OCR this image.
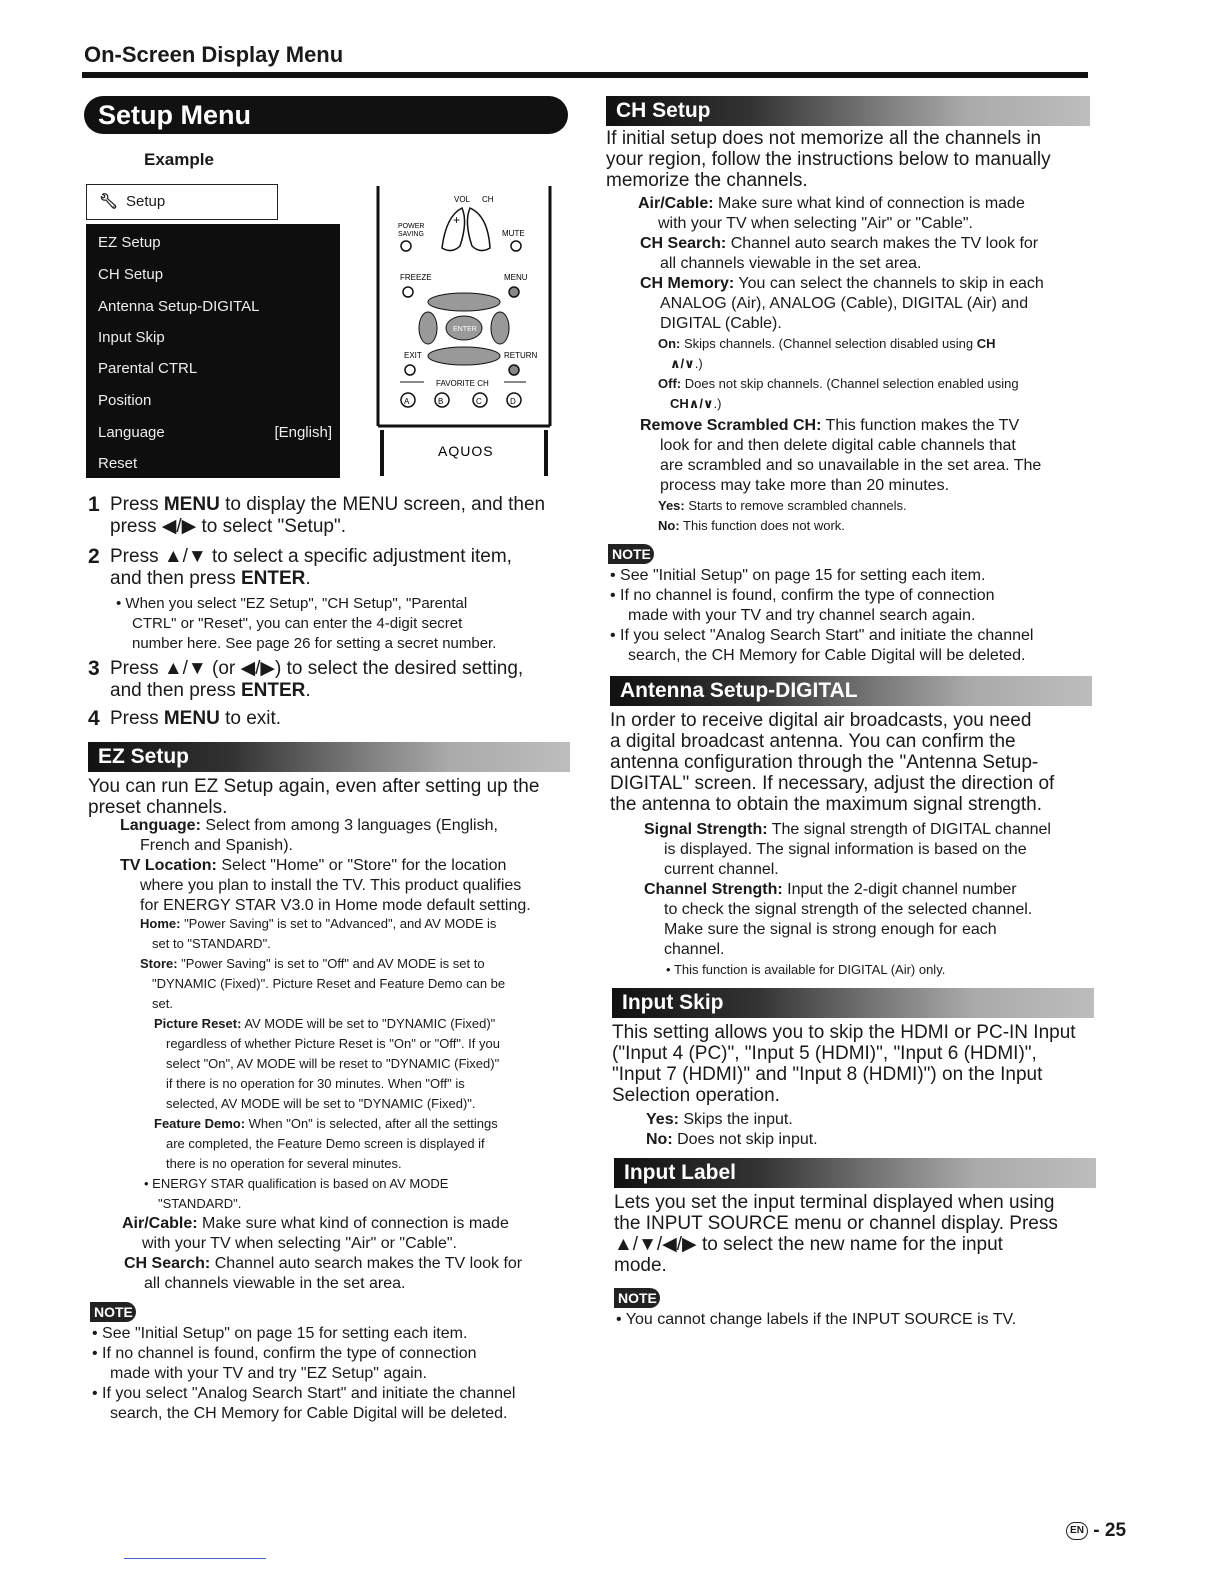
On-Screen Display Menu
Setup Menu
Example
🔧︎ Setup
EZ Setup
CH Setup
Antenna Setup-DIGITAL
Input Skip
Parental CTRL
Position
Language	[English]
Reset
VOL CH
POWER
SAVING
+
MUTE
FREEZE	MENU
ENTER
EXIT	RETURN
FAVORITE CH
A	B	C	D
AQUOS
1 Press MENU to display the MENU screen, and then
press ◀/▶ to select "Setup".
2 Press ▲/▼ to select a specific adjustment item,
and then press ENTER.
• When you select "EZ Setup", "CH Setup", "Parental
CTRL" or "Reset", you can enter the 4-digit secret
number here. See page 26 for setting a secret number.
3 Press ▲/▼ (or ◀/▶) to select the desired setting,
and then press ENTER.
4 Press MENU to exit.
EZ Setup
You can run EZ Setup again, even after setting up the
preset channels.
Language: Select from among 3 languages (English,
French and Spanish).
TV Location: Select "Home" or "Store" for the location
where you plan to install the TV. This product qualifies
for ENERGY STAR V3.0 in Home mode default setting.
Home: "Power Saving" is set to "Advanced", and AV MODE is
set to "STANDARD".
Store: "Power Saving" is set to "Off" and AV MODE is set to
"DYNAMIC (Fixed)". Picture Reset and Feature Demo can be
set.
Picture Reset: AV MODE will be set to "DYNAMIC (Fixed)"
regardless of whether Picture Reset is "On" or "Off". If you
select "On", AV MODE will be reset to "DYNAMIC (Fixed)"
if there is no operation for 30 minutes. When "Off" is
selected, AV MODE will be set to "DYNAMIC (Fixed)".
Feature Demo: When "On" is selected, after all the settings
are completed, the Feature Demo screen is displayed if
there is no operation for several minutes.
• ENERGY STAR qualification is based on AV MODE
"STANDARD".
Air/Cable: Make sure what kind of connection is made
with your TV when selecting "Air" or "Cable".
CH Search: Channel auto search makes the TV look for
all channels viewable in the set area.
NOTE
• See "Initial Setup" on page 15 for setting each item.
• If no channel is found, confirm the type of connection
made with your TV and try "EZ Setup" again.
• If you select "Analog Search Start" and initiate the channel
search, the CH Memory for Cable Digital will be deleted.
CH Setup
If initial setup does not memorize all the channels in
your region, follow the instructions below to manually
memorize the channels.
Air/Cable: Make sure what kind of connection is made
with your TV when selecting "Air" or "Cable".
CH Search: Channel auto search makes the TV look for
all channels viewable in the set area.
CH Memory: You can select the channels to skip in each
ANALOG (Air), ANALOG (Cable), DIGITAL (Air) and
DIGITAL (Cable).
On: Skips channels. (Channel selection disabled using CH
∧/∨.)
Off: Does not skip channels. (Channel selection enabled using
CH∧/∨.)
Remove Scrambled CH: This function makes the TV
look for and then delete digital cable channels that
are scrambled and so unavailable in the set area. The
process may take more than 20 minutes.
Yes: Starts to remove scrambled channels.
No: This function does not work.
NOTE
• See "Initial Setup" on page 15 for setting each item.
• If no channel is found, confirm the type of connection
made with your TV and try channel search again.
• If you select "Analog Search Start" and initiate the channel
search, the CH Memory for Cable Digital will be deleted.
Antenna Setup-DIGITAL
In order to receive digital air broadcasts, you need
a digital broadcast antenna. You can confirm the
antenna configuration through the "Antenna Setup-
DIGITAL" screen. If necessary, adjust the direction of
the antenna to obtain the maximum signal strength.
Signal Strength: The signal strength of DIGITAL channel
is displayed. The signal information is based on the
current channel.
Channel Strength: Input the 2-digit channel number
to check the signal strength of the selected channel.
Make sure the signal is strong enough for each
channel.
• This function is available for DIGITAL (Air) only.
Input Skip
This setting allows you to skip the HDMI or PC-IN Input
("Input 4 (PC)", "Input 5 (HDMI)", "Input 6 (HDMI)",
"Input 7 (HDMI)" and "Input 8 (HDMI)") on the Input
Selection operation.
Yes: Skips the input.
No: Does not skip input.
Input Label
Lets you set the input terminal displayed when using
the INPUT SOURCE menu or channel display. Press
▲/▼/◀/▶ to select the new name for the input
mode.
NOTE
• You cannot change labels if the INPUT SOURCE is TV.
EN - 25
